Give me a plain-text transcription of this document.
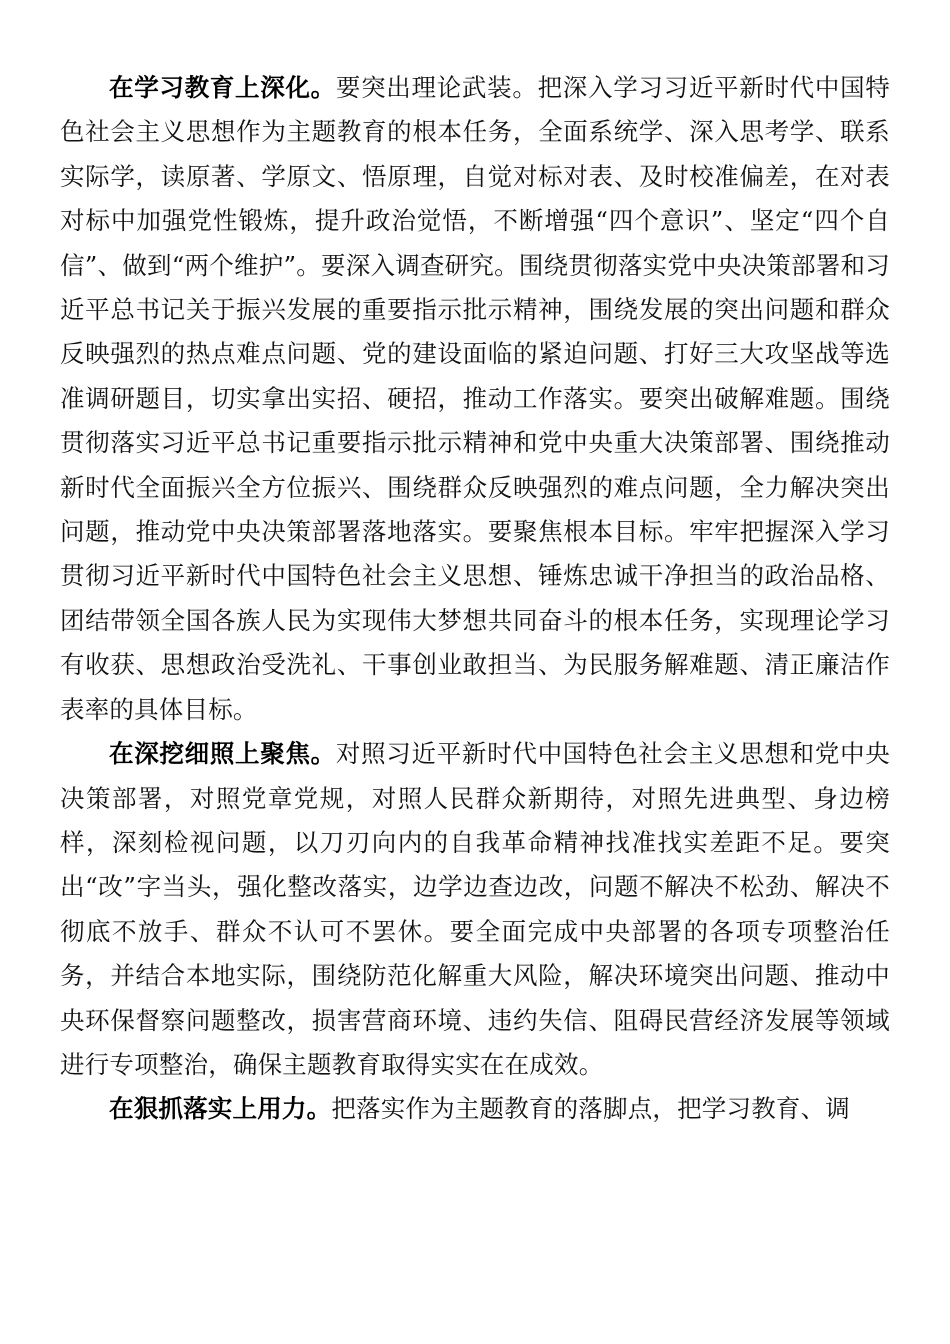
在学习教育上深化。要突出理论武装。把深入学习习近平新时代中国特色社会主义思想作为主题教育的根本任务，全面系统学、深入思考学、联系实际学，读原著、学原文、悟原理，自觉对标对表、及时校准偏差，在对表对标中加强党性锻炼，提升政治觉悟，不断增强“四个意识”、坚定“四个自信”、做到“两个维护”。要深入调查研究。围绕贯彻落实党中央决策部署和习近平总书记关于振兴发展的重要指示批示精神，围绕发展的突出问题和群众反映强烈的热点难点问题、党的建设面临的紧迫问题、打好三大攻坚战等选准调研题目，切实拿出实招、硬招，推动工作落实。要突出破解难题。围绕贯彻落实习近平总书记重要指示批示精神和党中央重大决策部署、围绕推动新时代全面振兴全方位振兴、围绕群众反映强烈的难点问题，全力解决突出问题，推动党中央决策部署落地落实。要聚焦根本目标。牢牢把握深入学习贯彻习近平新时代中国特色社会主义思想、锤炼忠诚干净担当的政治品格、团结带领全国各族人民为实现伟大梦想共同奋斗的根本任务，实现理论学习有收获、思想政治受洗礼、干事创业敢担当、为民服务解难题、清正廉洁作表率的具体目标。

在深挖细照上聚焦。对照习近平新时代中国特色社会主义思想和党中央决策部署，对照党章党规，对照人民群众新期待，对照先进典型、身边榜样，深刻检视问题，以刀刃向内的自我革命精神找准找实差距不足。要突出“改”字当头，强化整改落实，边学边查边改，问题不解决不松劲、解决不彻底不放手、群众不认可不罢休。要全面完成中央部署的各项专项整治任务，并结合本地实际，围绕防范化解重大风险，解决环境突出问题、推动中央环保督察问题整改，损害营商环境、违约失信、阻碍民营经济发展等领域进行专项整治，确保主题教育取得实实在在成效。

在狠抓落实上用力。把落实作为主题教育的落脚点，把学习教育、调
